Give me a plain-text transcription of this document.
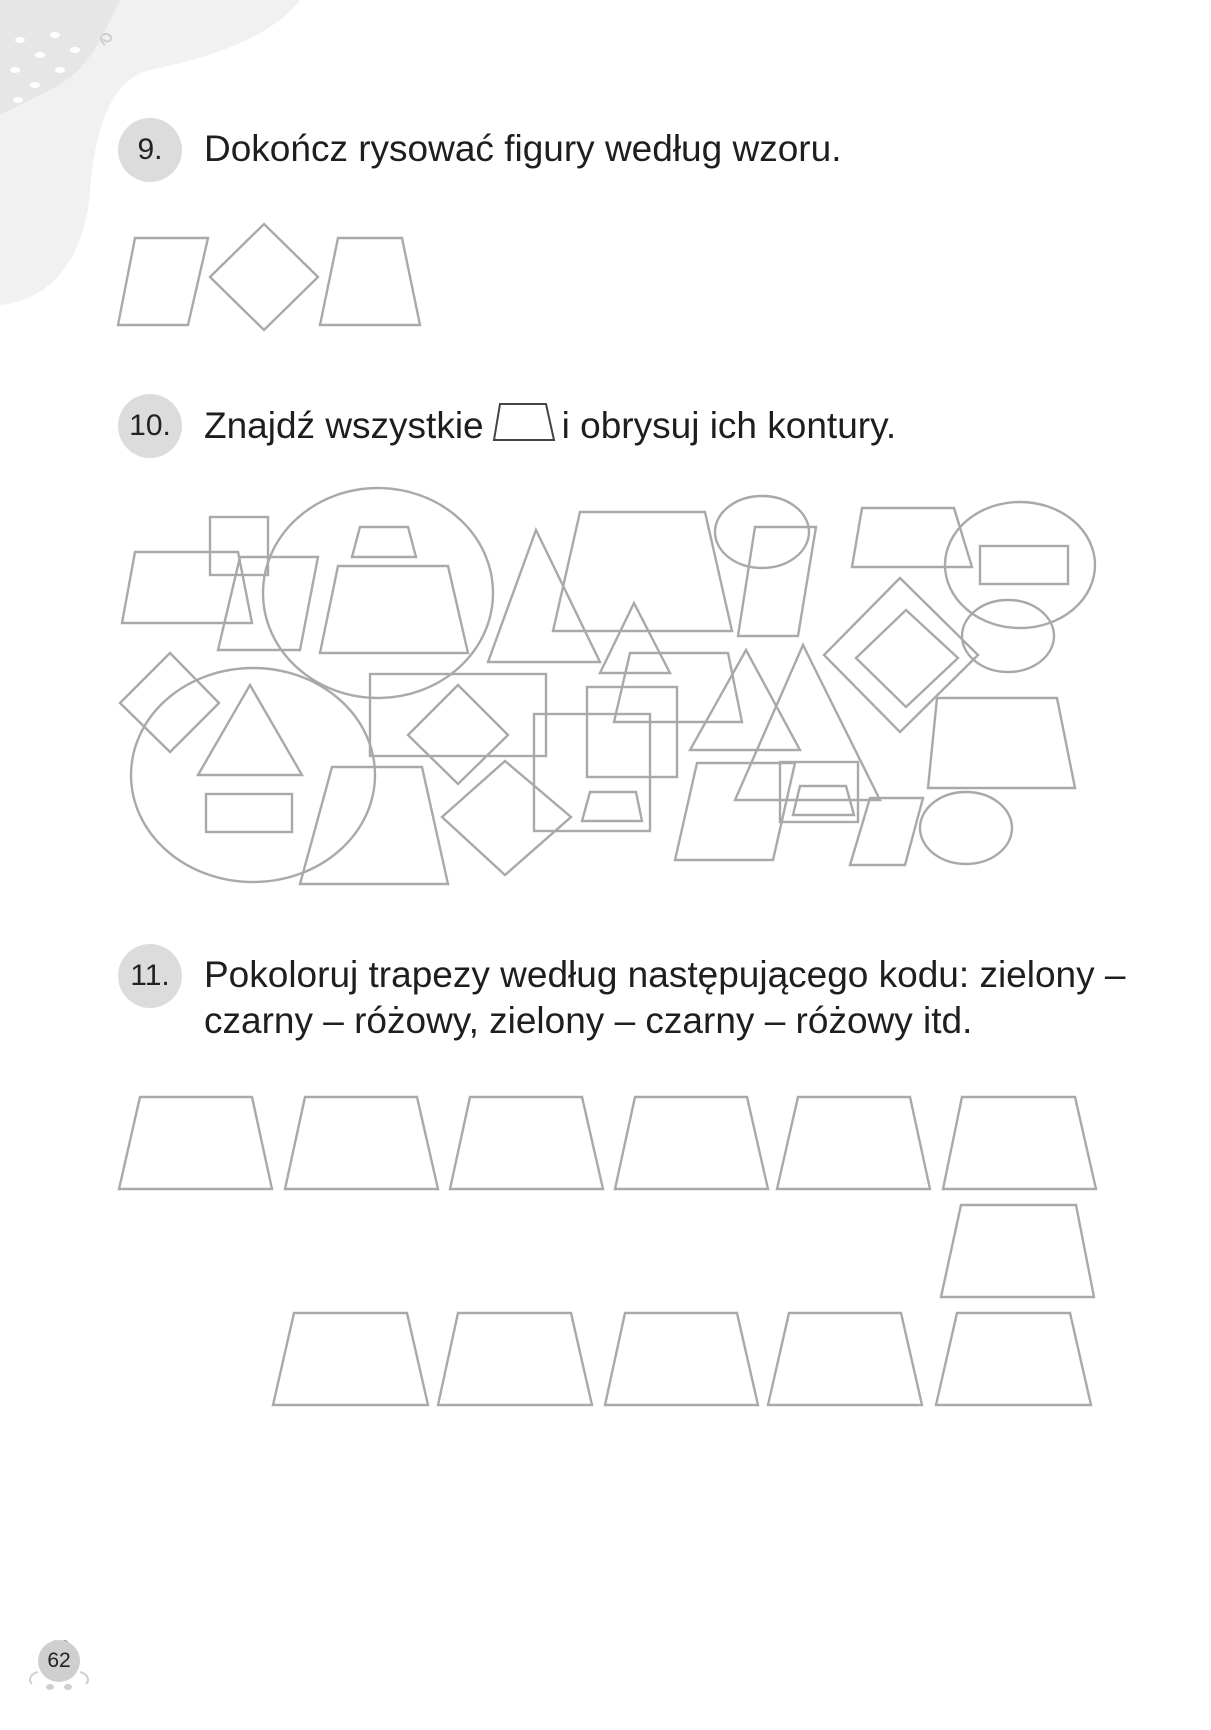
9.	Dokończ rysować figury według wzoru.
10. Znajdź wszystkie i obrysuj ich kontury.
11. Pokoloruj trapezy według następującego kodu: zielony –
czarny – różowy, zielony – czarny – różowy itd.
62
